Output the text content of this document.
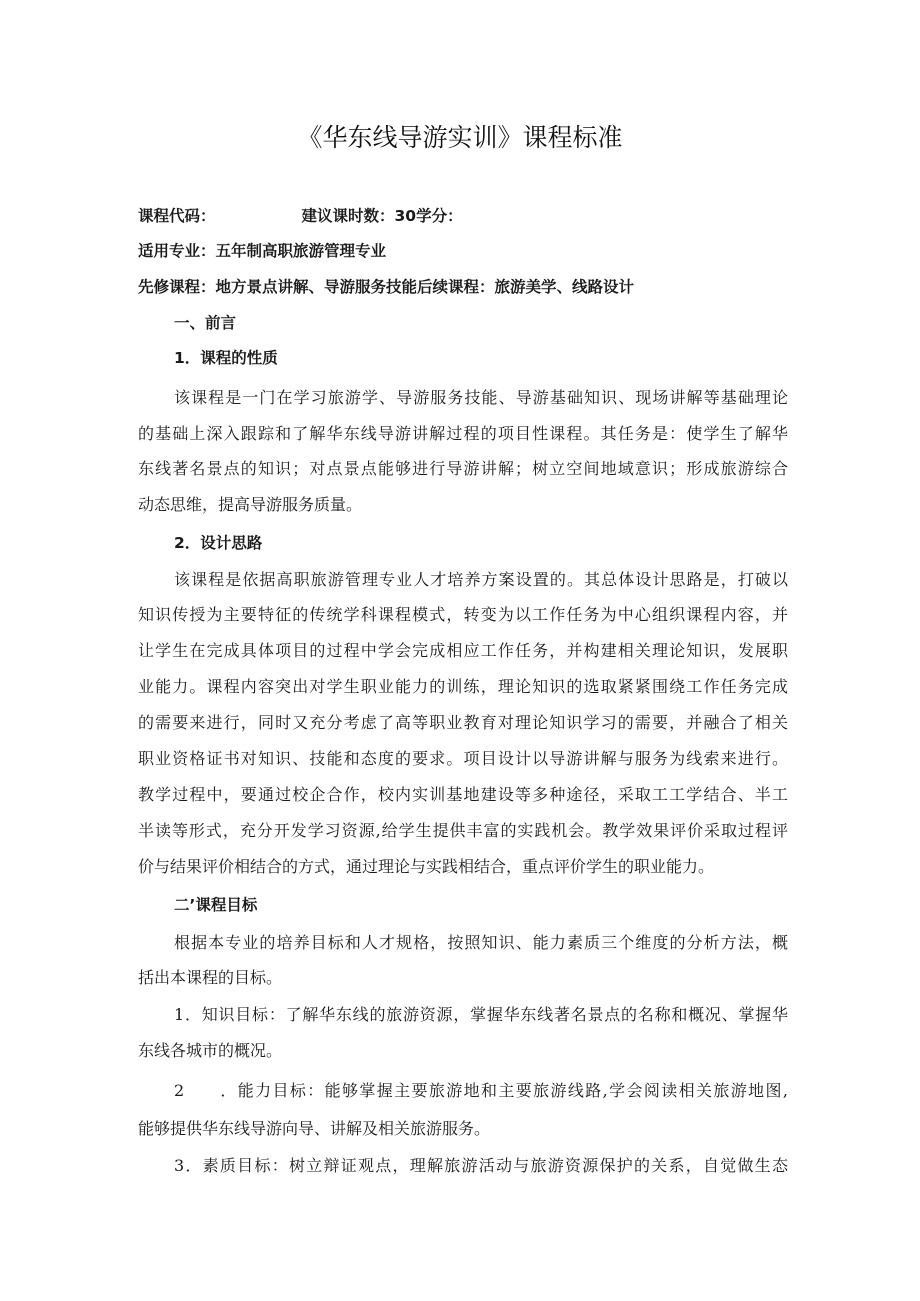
《华东线导游实训》课程标准
课程代码：	建议课时数：30学分：
适用专业：五年制高职旅游管理专业
先修课程：地方景点讲解、导游服务技能后续课程：旅游美学、线路设计
一、前言
1．课程的性质
该课程是一门在学习旅游学、导游服务技能、导游基础知识、现场讲解等基础理论
的基础上深入跟踪和了解华东线导游讲解过程的项目性课程。其任务是：使学生了解华
东线著名景点的知识；对点景点能够进行导游讲解；树立空间地域意识；形成旅游综合
动态思维，提高导游服务质量。
2．设计思路
该课程是依据高职旅游管理专业人才培养方案设置的。其总体设计思路是，打破以
知识传授为主要特征的传统学科课程模式，转变为以工作任务为中心组织课程内容，并
让学生在完成具体项目的过程中学会完成相应工作任务，并构建相关理论知识，发展职
业能力。课程内容突出对学生职业能力的训练，理论知识的选取紧紧围绕工作任务完成
的需要来进行，同时又充分考虑了高等职业教育对理论知识学习的需要，并融合了相关
职业资格证书对知识、技能和态度的要求。项目设计以导游讲解与服务为线索来进行。
教学过程中，要通过校企合作，校内实训基地建设等多种途径，采取工工学结合、半工
半读等形式，充分开发学习资源,给学生提供丰富的实践机会。教学效果评价采取过程评
价与结果评价相结合的方式，通过理论与实践相结合，重点评价学生的职业能力。
二’课程目标
根据本专业的培养目标和人才规格，按照知识、能力素质三个维度的分析方法，概
括出本课程的目标。
1．知识目标：了解华东线的旅游资源，掌握华东线著名景点的名称和概况、掌握华
东线各城市的概况。
2　　．能力目标：能够掌握主要旅游地和主要旅游线路,学会阅读相关旅游地图,
能够提供华东线导游向导、讲解及相关旅游服务。
3．素质目标：树立辩证观点，理解旅游活动与旅游资源保护的关系，自觉做生态
